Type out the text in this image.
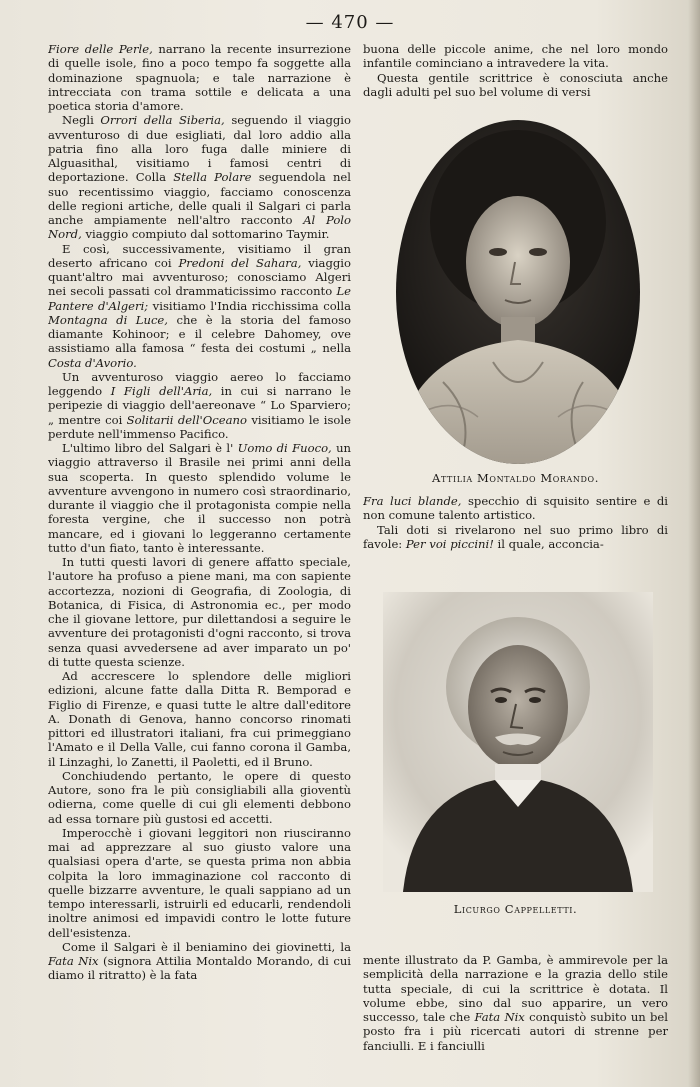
— 470 —

Fiore delle Perle, narrano la recente insurrezione di quelle isole, fino a poco tempo fa soggette alla dominazione spagnuola; e tale narrazione è intrecciata con trama sottile e delicata a una poetica storia d'amore.

Negli Orrori della Siberia, seguendo il viaggio avventuroso di due esigliati, dal loro addio alla patria fino alla loro fuga dalle miniere di Alguasithal, visitiamo i famosi centri di deportazione. Colla Stella Polare seguendola nel suo recentissimo viaggio, facciamo conoscenza delle regioni artiche, delle quali il Salgari ci parla anche ampiamente nell'altro racconto Al Polo Nord, viaggio compiuto dal sottomarino Taymir.

E così, successivamente, visitiamo il gran deserto africano coi Predoni del Sahara, viaggio quant'altro mai avventuroso; conosciamo Algeri nei secoli passati col drammaticissimo racconto Le Pantere d'Algeri; visitiamo l'India ricchissima colla Montagna di Luce, che è la storia del famoso diamante Kohinoor; e il celebre Dahomey, ove assistiamo alla famosa “ festa dei costumi „ nella Costa d'Avorio.

Un avventuroso viaggio aereo lo facciamo leggendo I Figli dell'Aria, in cui si narrano le peripezie di viaggio dell'aereonave “ Lo Sparviero; „ mentre coi Solitarii dell'Oceano visitiamo le isole perdute nell'immenso Pacifico.

L'ultimo libro del Salgari è l' Uomo di Fuoco, un viaggio attraverso il Brasile nei primi anni della sua scoperta. In questo splendido volume le avventure avvengono in numero così straordinario, durante il viaggio che il protagonista compie nella foresta vergine, che il successo non potrà mancare, ed i giovani lo leggeranno certamente tutto d'un fiato, tanto è interessante.

In tutti questi lavori di genere affatto speciale, l'autore ha profuso a piene mani, ma con sapiente accortezza, nozioni di Geografia, di Zoologia, di Botanica, di Fisica, di Astronomia ec., per modo che il giovane lettore, pur dilettandosi a seguire le avventure dei protagonisti d'ogni racconto, si trova senza quasi avvedersene ad aver imparato un po' di tutte questa scienze.

Ad accrescere lo splendore delle migliori edizioni, alcune fatte dalla Ditta R. Bemporad e Figlio di Firenze, e quasi tutte le altre dall'editore A. Donath di Genova, hanno concorso rinomati pittori ed illustratori italiani, fra cui primeggiano l'Amato e il Della Valle, cui fanno corona il Gamba, il Linzaghi, lo Zanetti, il Paoletti, ed il Bruno.

Conchiudendo pertanto, le opere di questo Autore, sono fra le più consigliabili alla gioventù odierna, come quelle di cui gli elementi debbono ad essa tornare più gustosi ed accetti.

Imperocchè i giovani leggitori non riusciranno mai ad apprezzare al suo giusto valore una qualsiasi opera d'arte, se questa prima non abbia colpita la loro immaginazione col racconto di quelle bizzarre avventure, le quali sappiano ad un tempo interessarli, istruirli ed educarli, rendendoli inoltre animosi ed impavidi contro le lotte future dell'esistenza.

Come il Salgari è il beniamino dei giovinetti, la Fata Nix (signora Attilia Montaldo Morando, di cui diamo il ritratto) è la fata

buona delle piccole anime, che nel loro mondo infantile cominciano a intravedere la vita.

Questa gentile scrittrice è conosciuta anche dagli adulti pel suo bel volume di versi

Attilia Montaldo Morando.

Fra luci blande, specchio di squisito sentire e di non comune talento artistico.

Tali doti si rivelarono nel suo primo libro di favole: Per voi piccini! il quale, acconcia-

Licurgo Cappelletti.

mente illustrato da P. Gamba, è ammirevole per la semplicità della narrazione e la grazia dello stile tutta speciale, di cui la scrittrice è dotata. Il volume ebbe, sino dal suo apparire, un vero successo, tale che Fata Nix conquistò subito un bel posto fra i più ricercati autori di strenne per fanciulli. E i fanciulli
